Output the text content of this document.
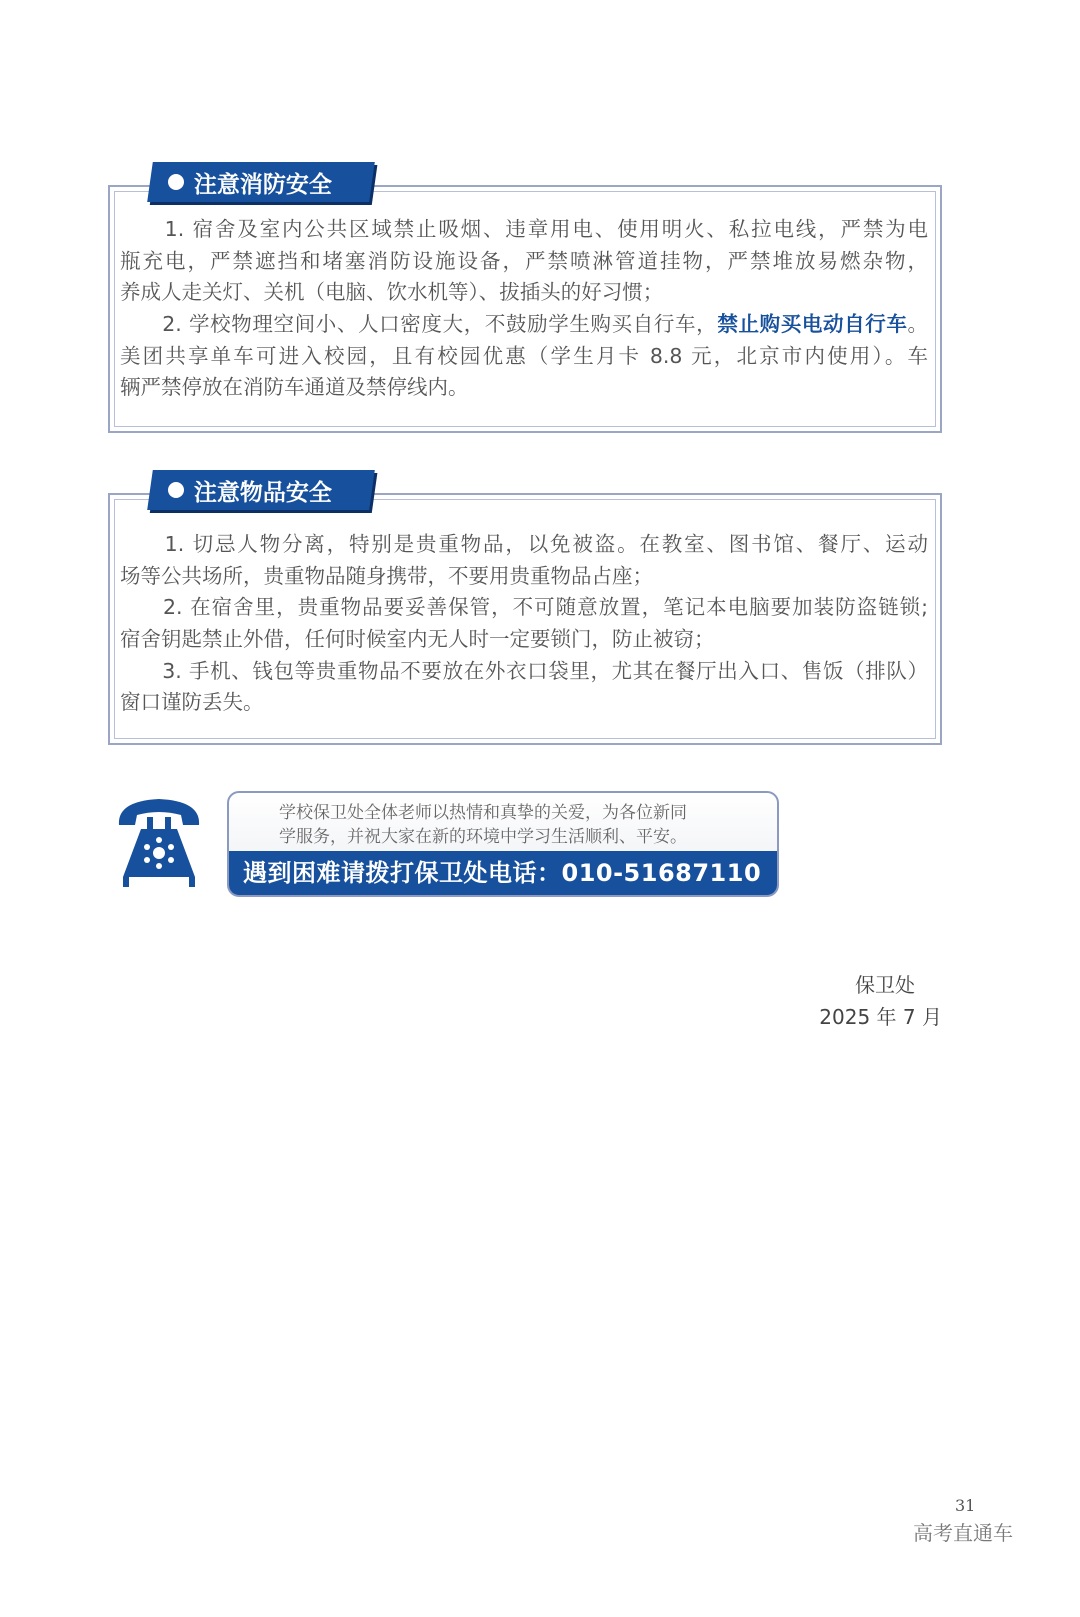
注意消防安全
　　1. 宿舍及室内公共区域禁止吸烟、违章用电、使用明火、私拉电线，严禁为电
瓶充电，严禁遮挡和堵塞消防设施设备，严禁喷淋管道挂物，严禁堆放易燃杂物，
养成人走关灯、关机（电脑、饮水机等）、拔插头的好习惯；
　　2. 学校物理空间小、人口密度大，不鼓励学生购买自行车，禁止购买电动自行车。
美团共享单车可进入校园，且有校园优惠（学生月卡 8.8 元，北京市内使用）。车
辆严禁停放在消防车通道及禁停线内。
注意物品安全
　　1. 切忌人物分离，特别是贵重物品，以免被盗。在教室、图书馆、餐厅、运动
场等公共场所，贵重物品随身携带，不要用贵重物品占座；
　　2. 在宿舍里，贵重物品要妥善保管，不可随意放置，笔记本电脑要加装防盗链锁;
宿舍钥匙禁止外借，任何时候室内无人时一定要锁门，防止被窃；
　　3. 手机、钱包等贵重物品不要放在外衣口袋里，尤其在餐厅出入口、售饭（排队）
窗口谨防丢失。
学校保卫处全体老师以热情和真挚的关爱，为各位新同
学服务，并祝大家在新的环境中学习生活顺利、平安。
遇到困难请拨打保卫处电话：010-51687110
保卫处
2025 年 7 月
31
高考直通车
